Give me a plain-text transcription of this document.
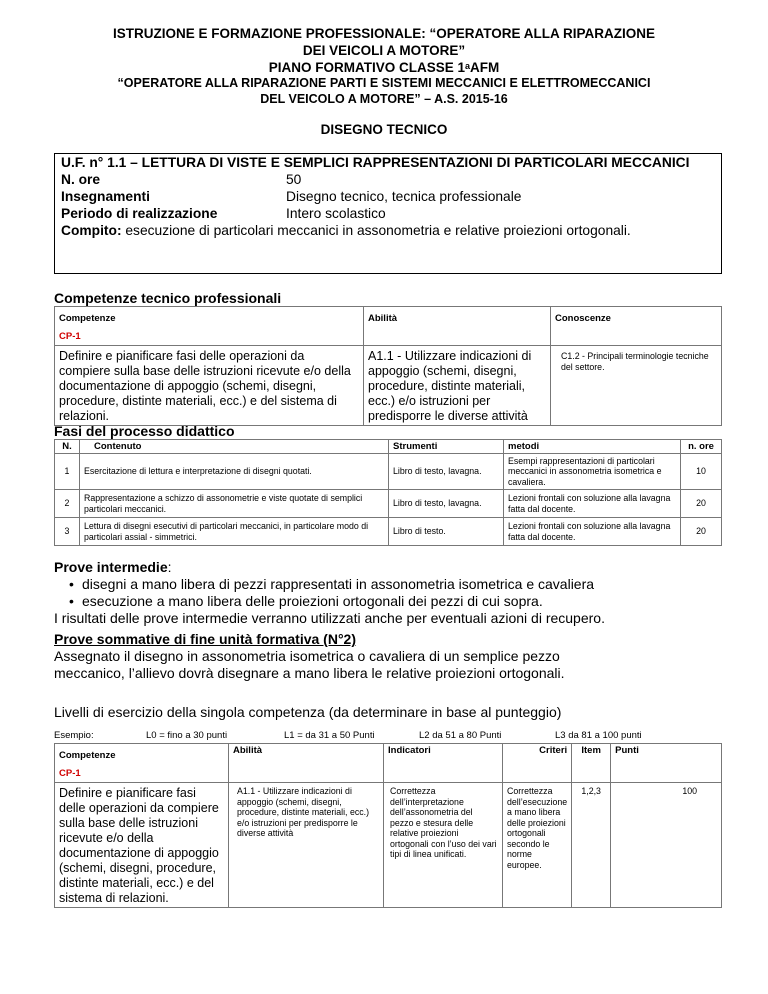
ISTRUZIONE E FORMAZIONE PROFESSIONALE: “OPERATORE ALLA RIPARAZIONE
DEI VEICOLI A MOTORE”
PIANO FORMATIVO CLASSE 1$^a$AFM
“OPERATORE ALLA RIPARAZIONE PARTI E SISTEMI MECCANICI E ELETTROMECCANICI
DEL VEICOLO A MOTORE” – A.S. 2015-16
DISEGNO TECNICO
U.F. n° 1.1 – LETTURA DI VISTE E SEMPLICI RAPPRESENTAZIONI DI PARTICOLARI MECCANICI
N. ore	50
Insegnamenti	Disegno tecnico, tecnica professionale
Periodo di realizzazione	Intero scolastico
Compito: esecuzione di particolari meccanici in assonometria e relative proiezioni ortogonali.
Competenze tecnico professionali
Competenze
CP-1	Abilità	Conoscenze
Definire e pianificare fasi delle operazioni da compiere sulla base delle istruzioni ricevute e/o della documentazione di appoggio (schemi, disegni, procedure, distinte materiali, ecc.) e del sistema di relazioni.	A1.1 - Utilizzare indicazioni di appoggio (schemi, disegni, procedure, distinte materiali, ecc.) e/o istruzioni per predisporre le diverse attività	C1.2 - Principali terminologie tecniche del settore.
Fasi del processo didattico
N.	Contenuto	Strumenti	metodi	n. ore
1	Esercitazione di lettura e interpretazione di disegni quotati.	Libro di testo, lavagna.	Esempi rappresentazioni di particolari meccanici in assonometria isometrica e cavaliera.	10
2	Rappresentazione a schizzo di assonometrie e viste quotate di semplici particolari meccanici.	Libro di testo, lavagna.	Lezioni frontali con soluzione alla lavagna fatta dal docente.	20
3	Lettura di disegni esecutivi di particolari meccanici, in particolare modo di particolari assial - simmetrici.	Libro di testo.	Lezioni frontali con soluzione alla lavagna fatta dal docente.	20
Prove intermedie:
• disegni a mano libera di pezzi rappresentati in assonometria isometrica e cavaliera
• esecuzione a mano libera delle proiezioni ortogonali dei pezzi di cui sopra.
I risultati delle prove intermedie verranno utilizzati anche per eventuali azioni di recupero.
Prove sommative di fine unità formativa (N°2)
Assegnato il disegno in assonometria isometrica o cavaliera di un semplice pezzo
meccanico, l’allievo dovrà disegnare a mano libera le relative proiezioni ortogonali.
Livelli di esercizio della singola competenza (da determinare in base al punteggio)
Esempio:	L0 = fino a 30 punti	L1 = da 31 a 50 Punti	L2 da 51 a 80 Punti	L3 da 81 a 100 punti
Competenze
CP-1	Abilità	Indicatori	Criteri	Item	Punti
Definire e pianificare fasi delle operazioni da compiere sulla base delle istruzioni ricevute e/o della documentazione di appoggio (schemi, disegni, procedure, distinte materiali, ecc.) e del sistema di relazioni.	A1.1 - Utilizzare indicazioni di appoggio (schemi, disegni, procedure, distinte materiali, ecc.) e/o istruzioni per predisporre le diverse attività	Correttezza dell’interpretazione dell’assonometria del pezzo e stesura delle relative proiezioni ortogonali con l’uso dei vari tipi di linea unificati.	Correttezza dell’esecuzione a mano libera delle proiezioni ortogonali secondo le norme europee.	1,2,3	100
